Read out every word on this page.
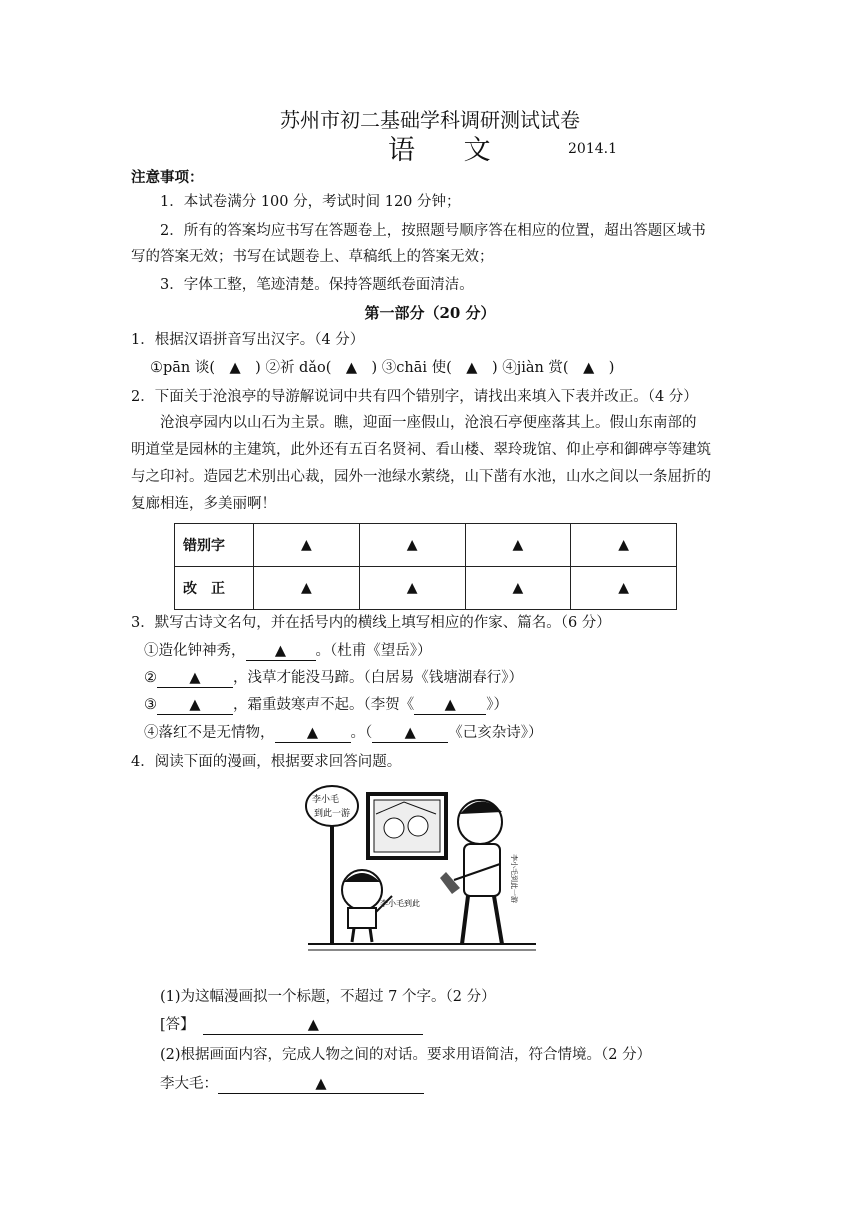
苏州市初二基础学科调研测试试卷
语 文	2014.1
注意事项：
1．本试卷满分 100 分，考试时间 120 分钟；
2．所有的答案均应书写在答题卷上，按照题号顺序答在相应的位置，超出答题区域书
写的答案无效；书写在试题卷上、草稿纸上的答案无效；
3．字体工整，笔迹清楚。保持答题纸卷面清洁。
第一部分（20 分）
1．根据汉语拼音写出汉字。（4 分）
①pān 谈(　▲　) ②祈 dǎo(　▲　) ③chāi 使(　▲　) ④jiàn 赏(　▲　)
2．下面关于沧浪亭的导游解说词中共有四个错别字，请找出来填入下表并改正。（4 分）
沧浪亭园内以山石为主景。瞧，迎面一座假山，沧浪石亭便座落其上。假山东南部的
明道堂是园林的主建筑，此外还有五百名贤祠、看山楼、翠玲珑馆、仰止亭和御碑亭等建筑
与之印衬。造园艺术别出心裁，园外一池绿水萦绕，山下凿有水池，山水之间以一条屈折的
复廊相连，多美丽啊！
错别字	▲	▲	▲	▲
改　正	▲	▲	▲	▲
3．默写古诗文名句，并在括号内的横线上填写相应的作家、篇名。（6 分）
①造化钟神秀， ▲ 。（杜甫《望岳》）
② ▲ ，浅草才能没马蹄。（白居易《钱塘湖春行》）
③ ▲ ，霜重鼓寒声不起。（李贺《 ▲ 》）
④落红不是无情物， ▲ 。（ ▲ 《己亥杂诗》）
4．阅读下面的漫画，根据要求回答问题。
李小毛
到此一游
李小毛到此
李小毛到此一游
(1)为这幅漫画拟一个标题，不超过 7 个字。（2 分）
[答】	▲
(2)根据画面内容，完成人物之间的对话。要求用语简洁，符合情境。（2 分）
李大毛：	▲
